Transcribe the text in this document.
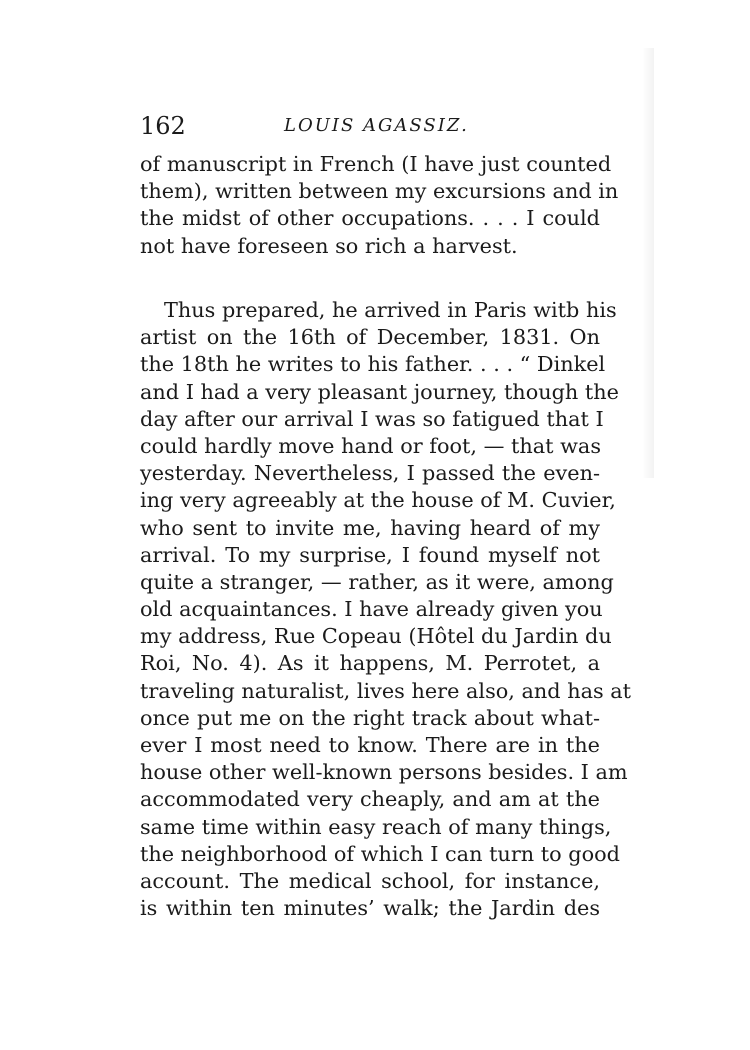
162	LOUIS AGASSIZ.
of manuscript in French (I have just counted
them), written between my excursions and in
the midst of other occupations. . . . I could
not have foreseen so rich a harvest.
Thus prepared, he arrived in Paris witb his
artist on the 16th of December, 1831. On
the 18th he writes to his father. . . . “ Dinkel
and I had a very pleasant journey, though the
day after our arrival I was so fatigued that I
could hardly move hand or foot, — that was
yesterday. Nevertheless, I passed the even-
ing very agreeably at the house of M. Cuvier,
who sent to invite me, having heard of my
arrival. To my surprise, I found myself not
quite a stranger, — rather, as it were, among
old acquaintances. I have already given you
my address, Rue Copeau (Hôtel du Jardin du
Roi, No. 4). As it happens, M. Perrotet, a
traveling naturalist, lives here also, and has at
once put me on the right track about what-
ever I most need to know. There are in the
house other well-known persons besides. I am
accommodated very cheaply, and am at the
same time within easy reach of many things,
the neighborhood of which I can turn to good
account. The medical school, for instance,
is within ten minutes’ walk; the Jardin des
